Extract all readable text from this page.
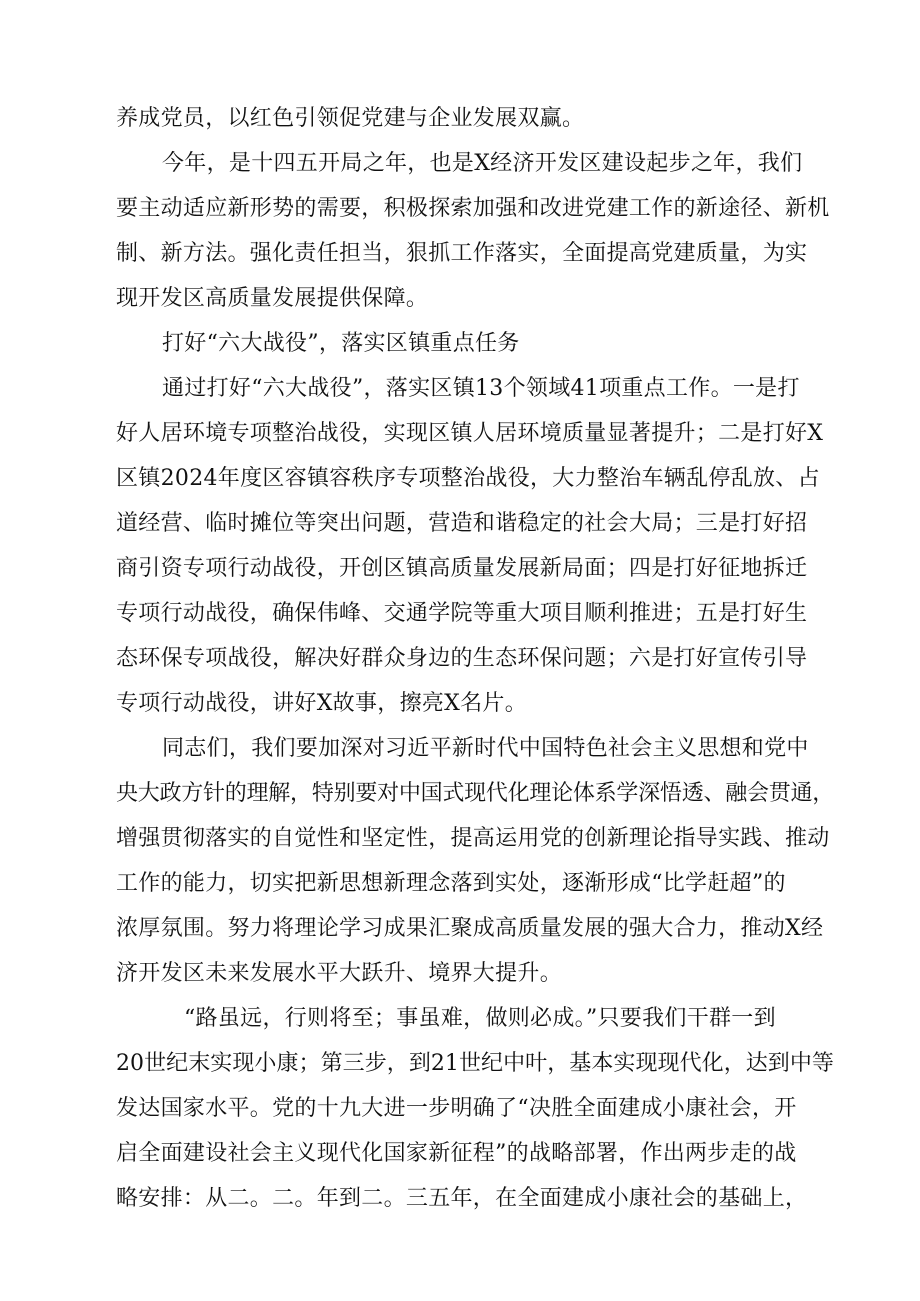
养成党员，以红色引领促党建与企业发展双赢。

今年，是十四五开局之年，也是X经济开发区建设起步之年，我们
要主动适应新形势的需要，积极探索加强和改进党建工作的新途径、新机
制、新方法。强化责任担当，狠抓工作落实，全面提高党建质量，为实
现开发区高质量发展提供保障。

打好“六大战役”，落实区镇重点任务

通过打好“六大战役”，落实区镇13个领域41项重点工作。一是打
好人居环境专项整治战役，实现区镇人居环境质量显著提升；二是打好X
区镇2024年度区容镇容秩序专项整治战役，大力整治车辆乱停乱放、占
道经营、临时摊位等突出问题，营造和谐稳定的社会大局；三是打好招
商引资专项行动战役，开创区镇高质量发展新局面；四是打好征地拆迁
专项行动战役，确保伟峰、交通学院等重大项目顺利推进；五是打好生
态环保专项战役，解决好群众身边的生态环保问题；六是打好宣传引导
专项行动战役，讲好X故事，擦亮X名片。

同志们，我们要加深对习近平新时代中国特色社会主义思想和党中
央大政方针的理解，特别要对中国式现代化理论体系学深悟透、融会贯通，
增强贯彻落实的自觉性和坚定性，提高运用党的创新理论指导实践、推动
工作的能力，切实把新思想新理念落到实处，逐渐形成“比学赶超”的
浓厚氛围。努力将理论学习成果汇聚成高质量发展的强大合力，推动X经
济开发区未来发展水平大跃升、境界大提升。

“路虽远，行则将至；事虽难，做则必成。”只要我们干群一到
20世纪末实现小康；第三步，到21世纪中叶，基本实现现代化，达到中等
发达国家水平。党的十九大进一步明确了“决胜全面建成小康社会，开
启全面建设社会主义现代化国家新征程”的战略部署，作出两步走的战
略安排：从二。二。年到二。三五年，在全面建成小康社会的基础上，
